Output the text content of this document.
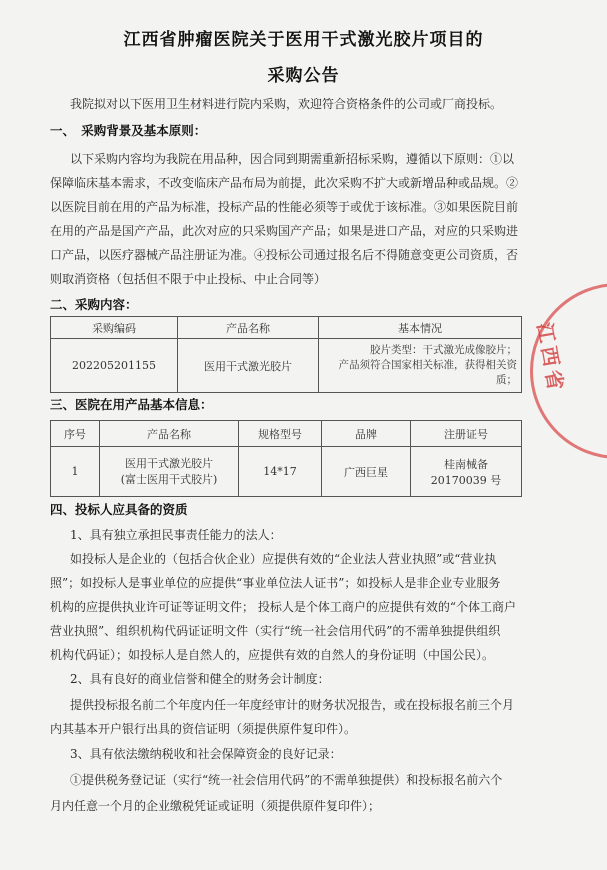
江西省肿瘤医院关于医用干式激光胶片项目的
采购公告
我院拟对以下医用卫生材料进行院内采购，欢迎符合资格条件的公司或厂商投标。
一、　采购背景及基本原则：
以下采购内容均为我院在用品种，因合同到期需重新招标采购，遵循以下原则：①以
保障临床基本需求，不改变临床产品布局为前提，此次采购不扩大或新增品种或品规。②
以医院目前在用的产品为标准，投标产品的性能必须等于或优于该标准。③如果医院目前
在用的产品是国产产品，此次对应的只采购国产产品；如果是进口产品，对应的只采购进
口产品，以医疗器械产品注册证为准。④投标公司通过报名后不得随意变更公司资质，否
则取消资格（包括但不限于中止投标、中止合同等）
二、采购内容：
采购编码	产品名称	基本情况
202205201155	医用干式激光胶片	胶片类型：干式激光成像胶片；
产品须符合国家相关标准，获得相关资质；
三、医院在用产品基本信息：
序号	产品名称	规格型号	品牌	注册证号
1	医用干式激光胶片
(富士医用干式胶片)	14*17	广西巨星	桂南械备 20170039 号
四、投标人应具备的资质
1、具有独立承担民事责任能力的法人：
如投标人是企业的（包括合伙企业）应提供有效的“企业法人营业执照”或“营业执
照”；如投标人是事业单位的应提供“事业单位法人证书”；如投标人是非企业专业服务
机构的应提供执业许可证等证明文件； 投标人是个体工商户的应提供有效的“个体工商户
营业执照”、组织机构代码证证明文件（实行“统一社会信用代码”的不需单独提供组织
机构代码证）；如投标人是自然人的，应提供有效的自然人的身份证明（中国公民）。
2、具有良好的商业信誉和健全的财务会计制度：
提供投标报名前二个年度内任一年度经审计的财务状况报告，或在投标报名前三个月
内其基本开户银行出具的资信证明（须提供原件复印件）。
3、具有依法缴纳税收和社会保障资金的良好记录：
①提供税务登记证（实行“统一社会信用代码”的不需单独提供）和投标报名前六个
月内任意一个月的企业缴税凭证或证明（须提供原件复印件）；
江西省
